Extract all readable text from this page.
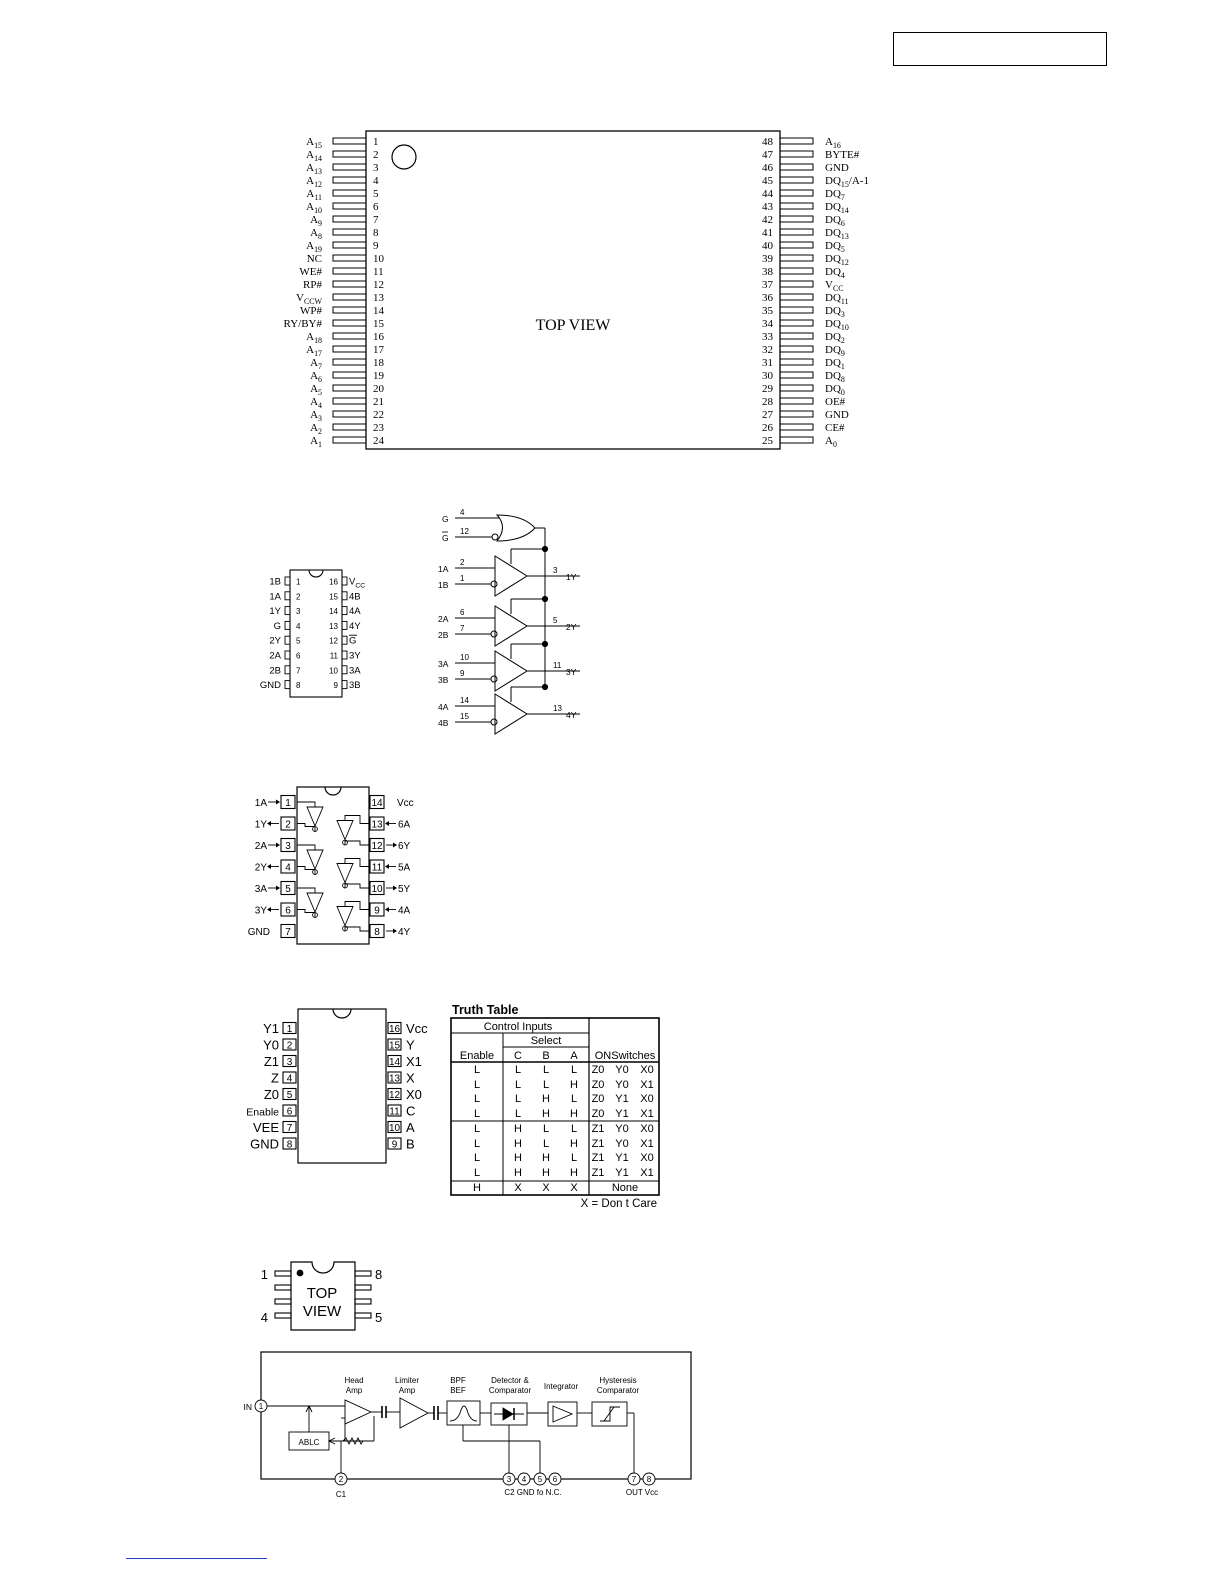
TOP VIEW
1
$A_{15}$
2
$A_{14}$
3
$A_{13}$
4
$A_{12}$
5
$A_{11}$
6
$A_{10}$
7
$A_9$
8
$A_8$
9
$A_{19}$
10
NC
11
WE#
12
RP#
13
$V_{CCW}$
14
WP#
15
RY/BY#
16
$A_{18}$
17
$A_{17}$
18
$A_7$
19
$A_6$
20
$A_5$
21
$A_4$
22
$A_3$
23
$A_2$
24
$A_1$
48	$A_{16}$
47	BYTE#
46	GND
45	$DQ_{15}/A-1$
44	$DQ_7$
43	$DQ_{14}$
42	$DQ_6$
41	$DQ_{13}$
40	$DQ_5$
39	$DQ_{12}$
38	$DQ_4$
37	$V_{CC}$
36	$DQ_{11}$
35	$DQ_3$
34	$DQ_{10}$
33	$DQ_2$
32	$DQ_9$
31	$DQ_1$
30	$DQ_8$
29	$DQ_0$
28	OE#
27	GND
26	CE#
25	$A_0$
1
1B
2
1A
3
1Y
4
G
5
2Y
6
2A
7
2B
8
GND
16 $V_{CC}$
15 4B
14 4A
13 4Y
12 G
11 3Y
10 3A
9 3B
G
4
G
12
1A
1B
2
1
3
1Y
2A
2B
6
7
5
2Y
3A
3B
10
9
11
3Y
4A
4B
14
15
13
4Y
1
1A
2
1Y
3
2A
4
2Y
5
3A
6
3Y
7
GND
14 Vcc
13 6A
12 6Y
11 5A
10 5Y
9 4A
8 4Y
1
Y1
2
Y0
3
Z1
4
Z
5
Z0
6
Enable
7
VEE
8
GND
16 Vcc
15 Y
14 X1
13 X
12 X0
11 C
10 A
9 B
Truth Table
Control Inputs
Select
Enable C B A ONSwitches
L	L L L Z0 Y0 X0
L	L L H Z0 Y0 X1
L	L H L Z0 Y1 X0
L	L H H Z0 Y1 X1
L	H L L Z1 Y0 X0
L	H L H Z1 Y0 X1
L	H H L Z1 Y1 X0
L	H H H Z1 Y1 X1
H	X X X	None
X = Don t Care
TOP
VIEW
1
4
8
5
1
2	3 4 5 6	7 8
IN
Head
Amp
Limiter
Amp
BPF
BEF
Detector &
Comparator Integrator
Hysteresis
Comparator
ABLC
C1	C2 GND fo N.C.	OUT Vcc
